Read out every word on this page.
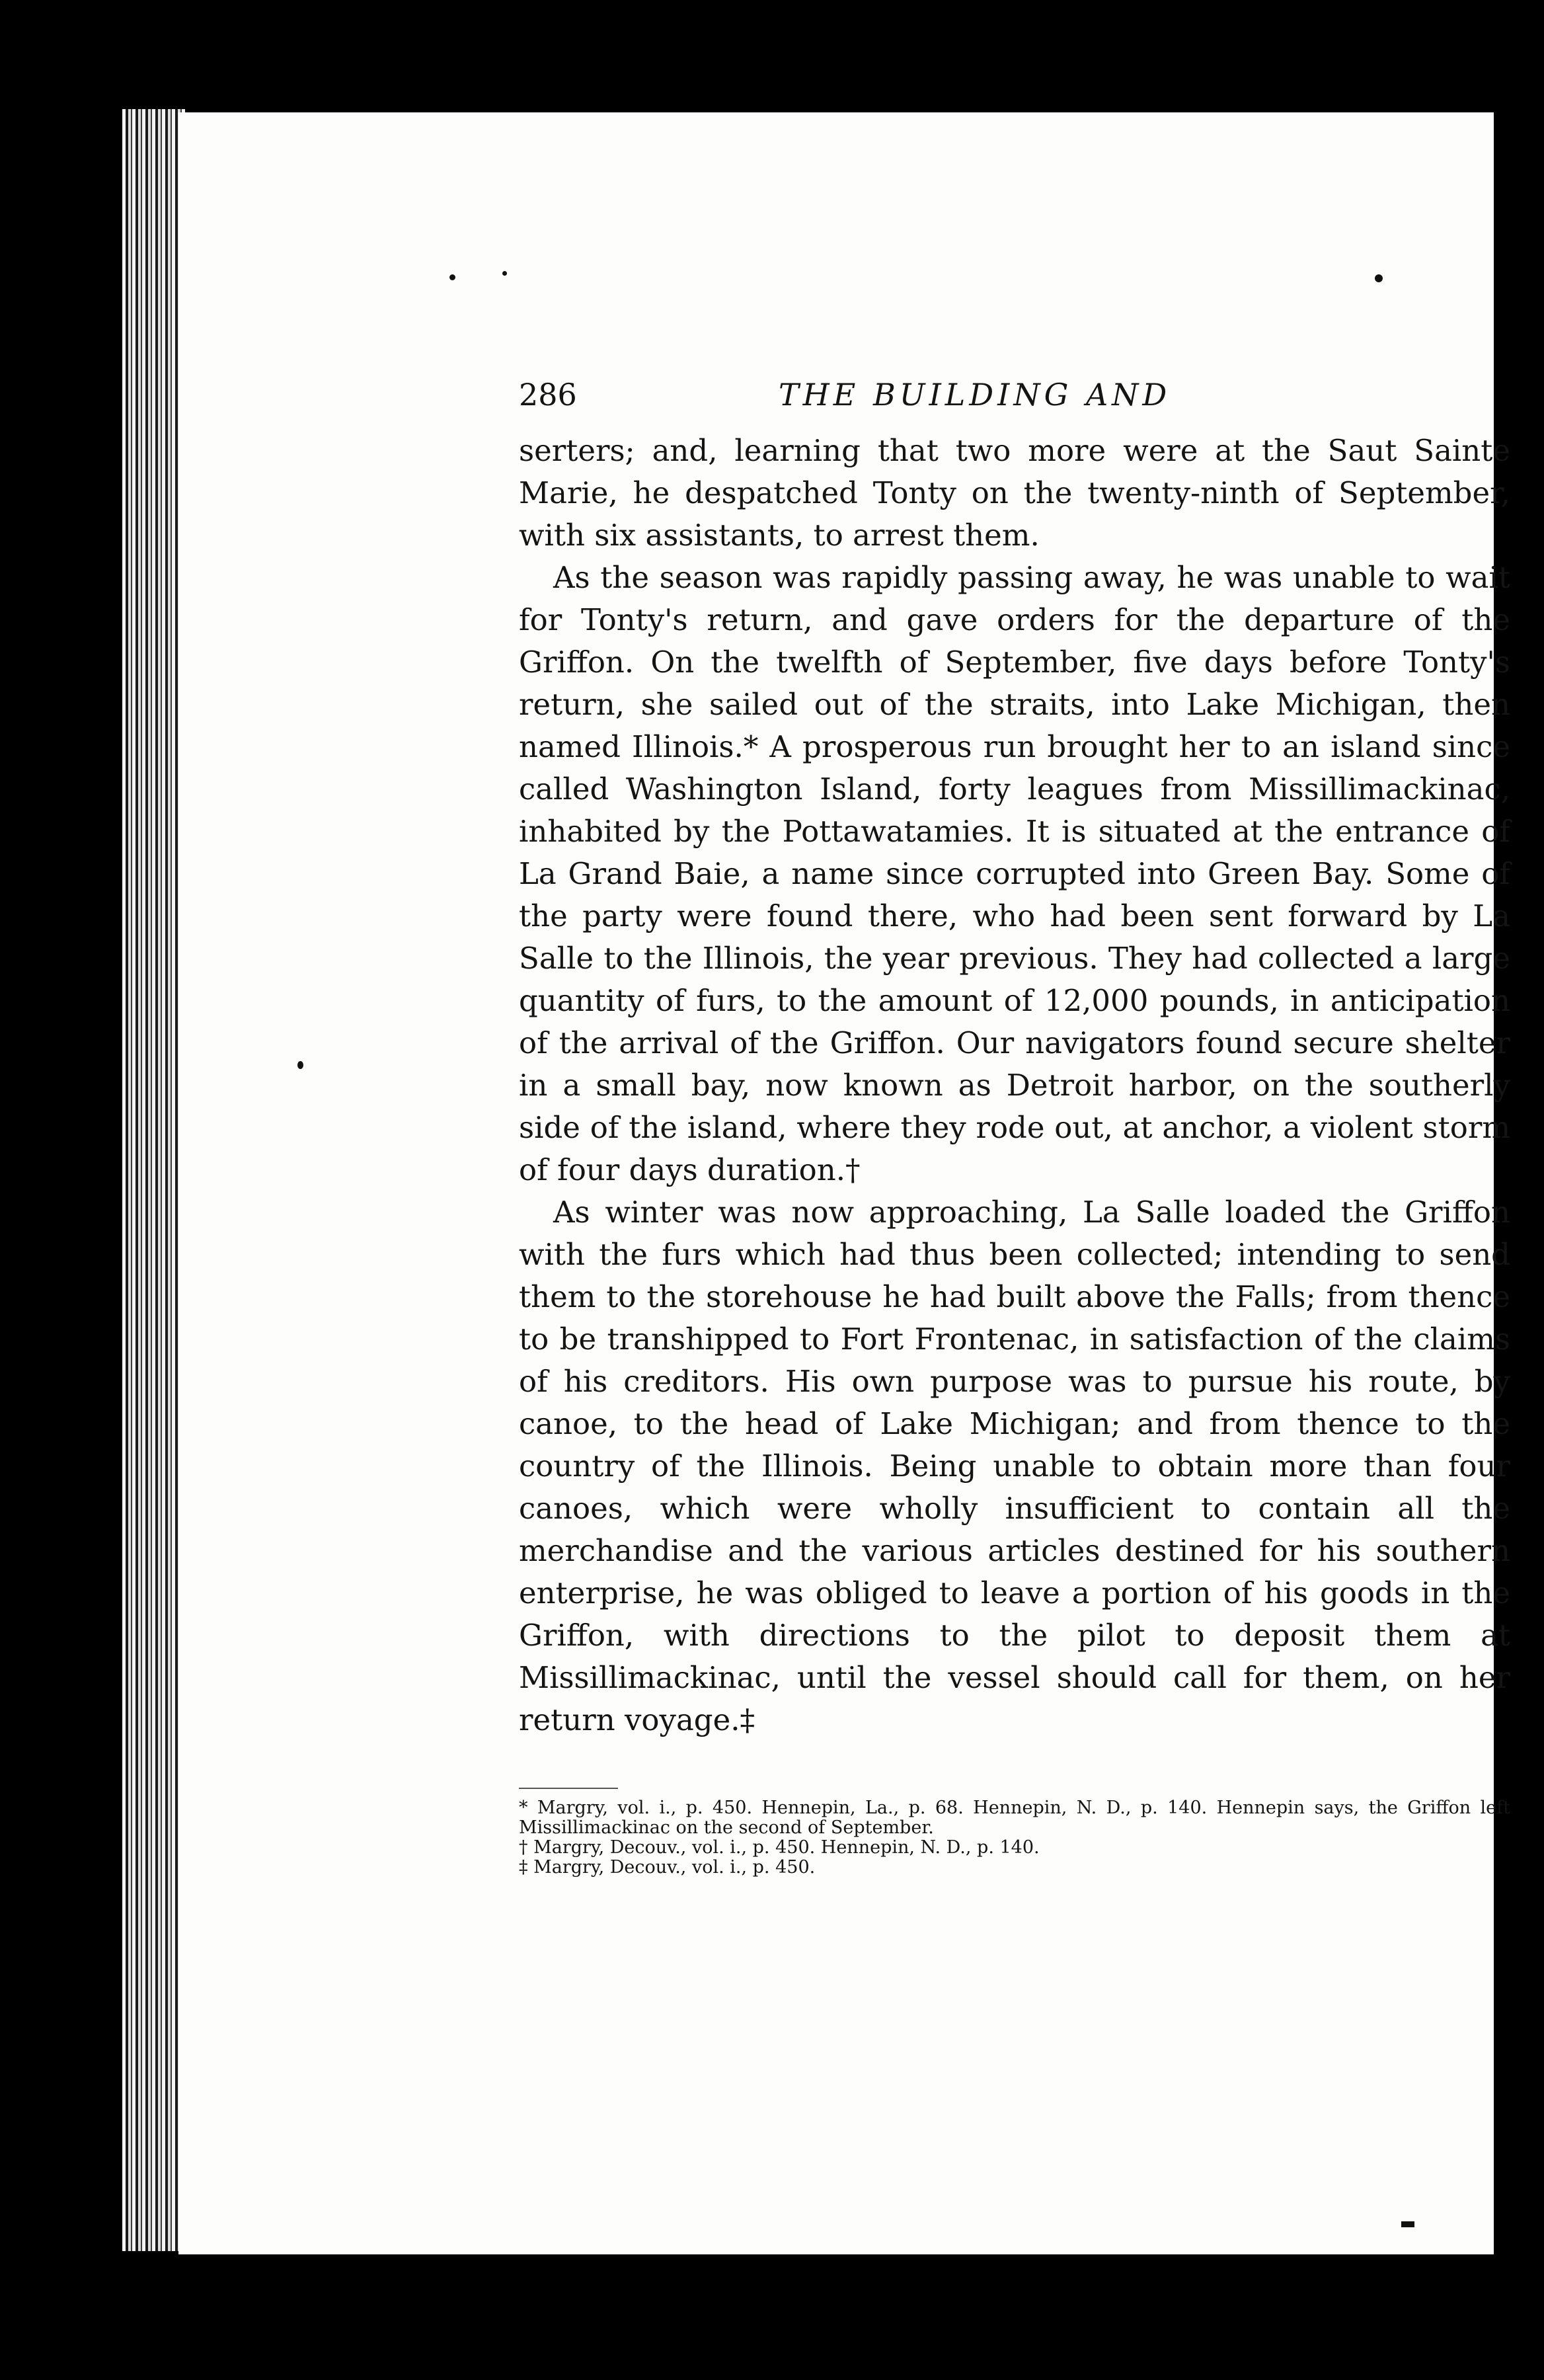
286	THE BUILDING AND

serters; and, learning that two more were at the Saut Sainte Marie, he despatched Tonty on the twenty-ninth of September, with six assistants, to arrest them.

As the season was rapidly passing away, he was unable to wait for Tonty's return, and gave orders for the departure of the Griffon. On the twelfth of September, five days before Tonty's return, she sailed out of the straits, into Lake Michigan, then named Illinois.* A prosperous run brought her to an island since called Washington Island, forty leagues from Missillimackinac, inhabited by the Pottawatamies. It is situated at the entrance of La Grand Baie, a name since corrupted into Green Bay. Some of the party were found there, who had been sent forward by La Salle to the Illinois, the year previous. They had collected a large quantity of furs, to the amount of 12,000 pounds, in anticipation of the arrival of the Griffon. Our navigators found secure shelter in a small bay, now known as Detroit harbor, on the southerly side of the island, where they rode out, at anchor, a violent storm of four days duration.†

As winter was now approaching, La Salle loaded the Griffon with the furs which had thus been collected; intending to send them to the storehouse he had built above the Falls; from thence to be transhipped to Fort Frontenac, in satisfaction of the claims of his creditors. His own purpose was to pursue his route, by canoe, to the head of Lake Michigan; and from thence to the country of the Illinois. Being unable to obtain more than four canoes, which were wholly insufficient to contain all the merchandise and the various articles destined for his southern enterprise, he was obliged to leave a portion of his goods in the Griffon, with directions to the pilot to deposit them at Missillimackinac, until the vessel should call for them, on her return voyage.‡

* Margry, vol. i., p. 450. Hennepin, La., p. 68. Hennepin, N. D., p. 140. Hennepin says, the Griffon left Missillimackinac on the second of September.

† Margry, Decouv., vol. i., p. 450. Hennepin, N. D., p. 140.

‡ Margry, Decouv., vol. i., p. 450.
